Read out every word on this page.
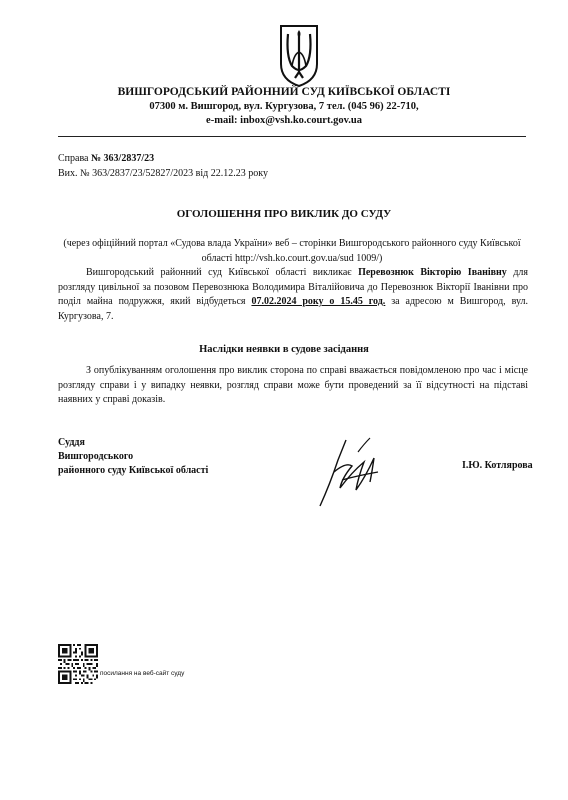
ВИШГОРОДСЬКИЙ РАЙОННИЙ СУД КИЇВСЬКОЇ ОБЛАСТІ
07300 м. Вишгород, вул. Кургузова, 7 тел. (045 96) 22-710,
e-mail: inbox@vsh.ko.court.gov.ua
Справа № 363/2837/23
Вих. № 363/2837/23/52827/2023 від 22.12.23 року
ОГОЛОШЕННЯ ПРО ВИКЛИК ДО СУДУ
(через офіційний портал «Судова влада України» веб – сторінки Вишгородського районного суду Київської області http://vsh.ko.court.gov.ua/sud 1009/)
Вишгородський районний суд Київської області викликає Перевознюк Вікторію Іванівну для розгляду цивільної за позовом Перевознюка Володимира Віталійовича до Перевознюк Вікторії Іванівни про поділ майна подружжя, який відбудеться 07.02.2024 року о 15.45 год. за адресою м Вишгород, вул. Кургузова, 7.
Наслідки неявки в судове засідання
З опублікуванням оголошення про виклик сторона по справі вважається повідомленою про час і місце розгляду справи і у випадку неявки, розгляд справи може бути проведений за її відсутності на підставі наявних у справі доказів.
Суддя
Вишгородського
районного суду Київської області	І.Ю. Котлярова
посилання на веб-сайт суду
